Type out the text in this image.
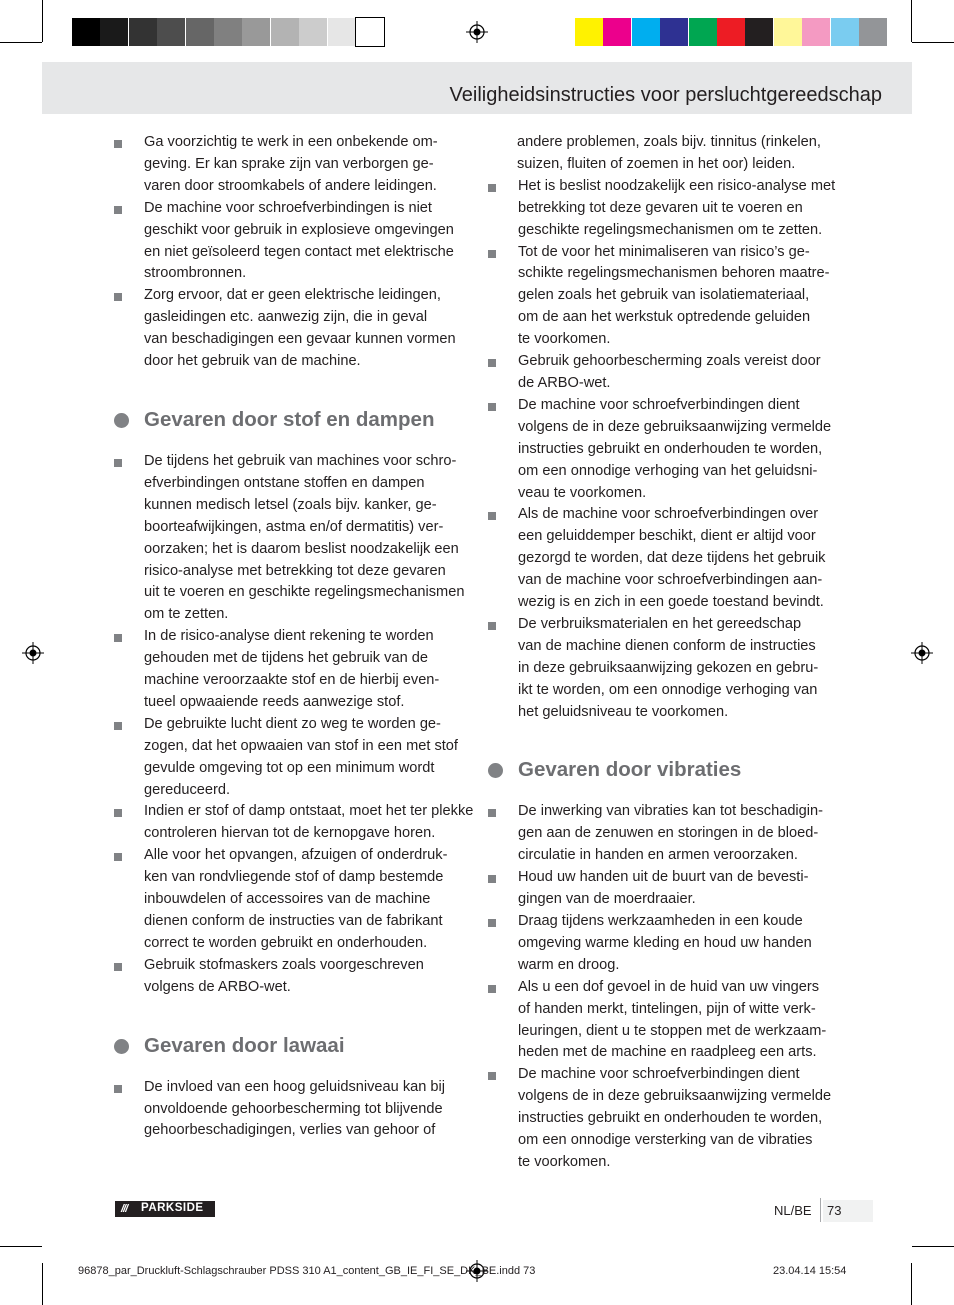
Veiligheidsinstructies voor persluchtgereedschap
Ga voorzichtig te werk in een onbekende om-
geving. Er kan sprake zijn van verborgen ge-
varen door stroomkabels of andere leidingen.
De machine voor schroefverbindingen is niet
geschikt voor gebruik in explosieve omgevingen
en niet geïsoleerd tegen contact met elektrische
stroombronnen.
Zorg ervoor, dat er geen elektrische leidingen,
gasleidingen etc. aanwezig zijn, die in geval
van beschadigingen een gevaar kunnen vormen
door het gebruik van de machine.
Gevaren door stof en dampen
De tijdens het gebruik van machines voor schro-
efverbindingen ontstane stoffen en dampen
kunnen medisch letsel (zoals bijv. kanker, ge-
boorteafwijkingen, astma en/of dermatitis) ver-
oorzaken; het is daarom beslist noodzakelijk een
risico-analyse met betrekking tot deze gevaren
uit te voeren en geschikte regelingsmechanismen
om te zetten.
In de risico-analyse dient rekening te worden
gehouden met de tijdens het gebruik van de
machine veroorzaakte stof en de hierbij even-
tueel opwaaiende reeds aanwezige stof.
De gebruikte lucht dient zo weg te worden ge-
zogen, dat het opwaaien van stof in een met stof
gevulde omgeving tot op een minimum wordt
gereduceerd.
Indien er stof of damp ontstaat, moet het ter plekke
controleren hiervan tot de kernopgave horen.
Alle voor het opvangen, afzuigen of onderdruk-
ken van rondvliegende stof of damp bestemde
inbouwdelen of accessoires van de machine
dienen conform de instructies van de fabrikant
correct te worden gebruikt en onderhouden.
Gebruik stofmaskers zoals voorgeschreven
volgens de ARBO-wet.
Gevaren door lawaai
De invloed van een hoog geluidsniveau kan bij
onvoldoende gehoorbescherming tot blijvende
gehoorbeschadigingen, verlies van gehoor of
andere problemen, zoals bijv. tinnitus (rinkelen,
suizen, fluiten of zoemen in het oor) leiden.
Het is beslist noodzakelijk een risico-analyse met
betrekking tot deze gevaren uit te voeren en
geschikte regelingsmechanismen om te zetten.
Tot de voor het minimaliseren van risico’s ge-
schikte regelingsmechanismen behoren maatre-
gelen zoals het gebruik van isolatiemateriaal,
om de aan het werkstuk optredende geluiden
te voorkomen.
Gebruik gehoorbescherming zoals vereist door
de ARBO-wet.
De machine voor schroefverbindingen dient
volgens de in deze gebruiksaanwijzing vermelde
instructies gebruikt en onderhouden te worden,
om een onnodige verhoging van het geluidsni-
veau te voorkomen.
Als de machine voor schroefverbindingen over
een geluiddemper beschikt, dient er altijd voor
gezorgd te worden, dat deze tijdens het gebruik
van de machine voor schroefverbindingen aan-
wezig is en zich in een goede toestand bevindt.
De verbruiksmaterialen en het gereedschap
van de machine dienen conform de instructies
in deze gebruiksaanwijzing gekozen en gebru-
ikt te worden, om een onnodige verhoging van
het geluidsniveau te voorkomen.
Gevaren door vibraties
De inwerking van vibraties kan tot beschadigin-
gen aan de zenuwen en storingen in de bloed-
circulatie in handen en armen veroorzaken.
Houd uw handen uit de buurt van de bevesti-
gingen van de moerdraaier.
Draag tijdens werkzaamheden in een koude
omgeving warme kleding en houd uw handen
warm en droog.
Als u een dof gevoel in de huid van uw vingers
of handen merkt, tintelingen, pijn of witte verk-
leuringen, dient u te stoppen met de werkzaam-
heden met de machine en raadpleeg een arts.
De machine voor schroefverbindingen dient
volgens de in deze gebruiksaanwijzing vermelde
instructies gebruikt en onderhouden te worden,
om een onnodige versterking van de vibraties
te voorkomen.
/// PARKSIDE	NL/BE 73
96878_par_Druckluft-Schlagschrauber PDSS 310 A1_content_GB_IE_FI_SE_DK_BE.indd 73	23.04.14 15:54
